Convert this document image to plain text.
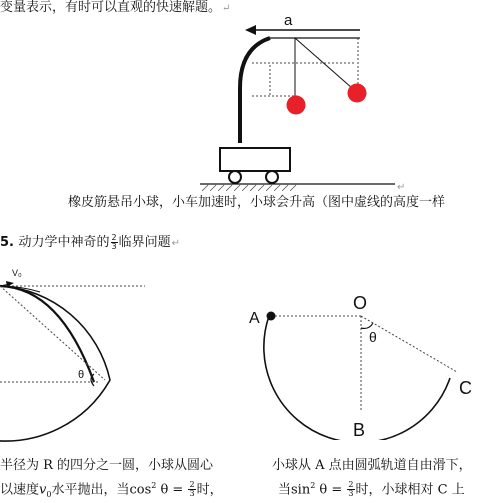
变量表示，有时可以直观的快速解题。↵
a
↵
橡皮筋悬吊小球，小车加速时，小球会升高（图中虚线的高度一样
5. 动力学中神奇的 $\frac{2}{3}$ 临界问题↵
V₀
θ
A
O
θ
B
C
半径为 R 的四分之一圆，小球从圆心
以速度$v_0$水平抛出，当$\cos^2 \theta = \frac{2}{3}$ 时，
小球从 A 点由圆弧轨道自由滑下，
当$\sin^2 \theta = \frac{2}{3}$ 时，小球相对 C 上
